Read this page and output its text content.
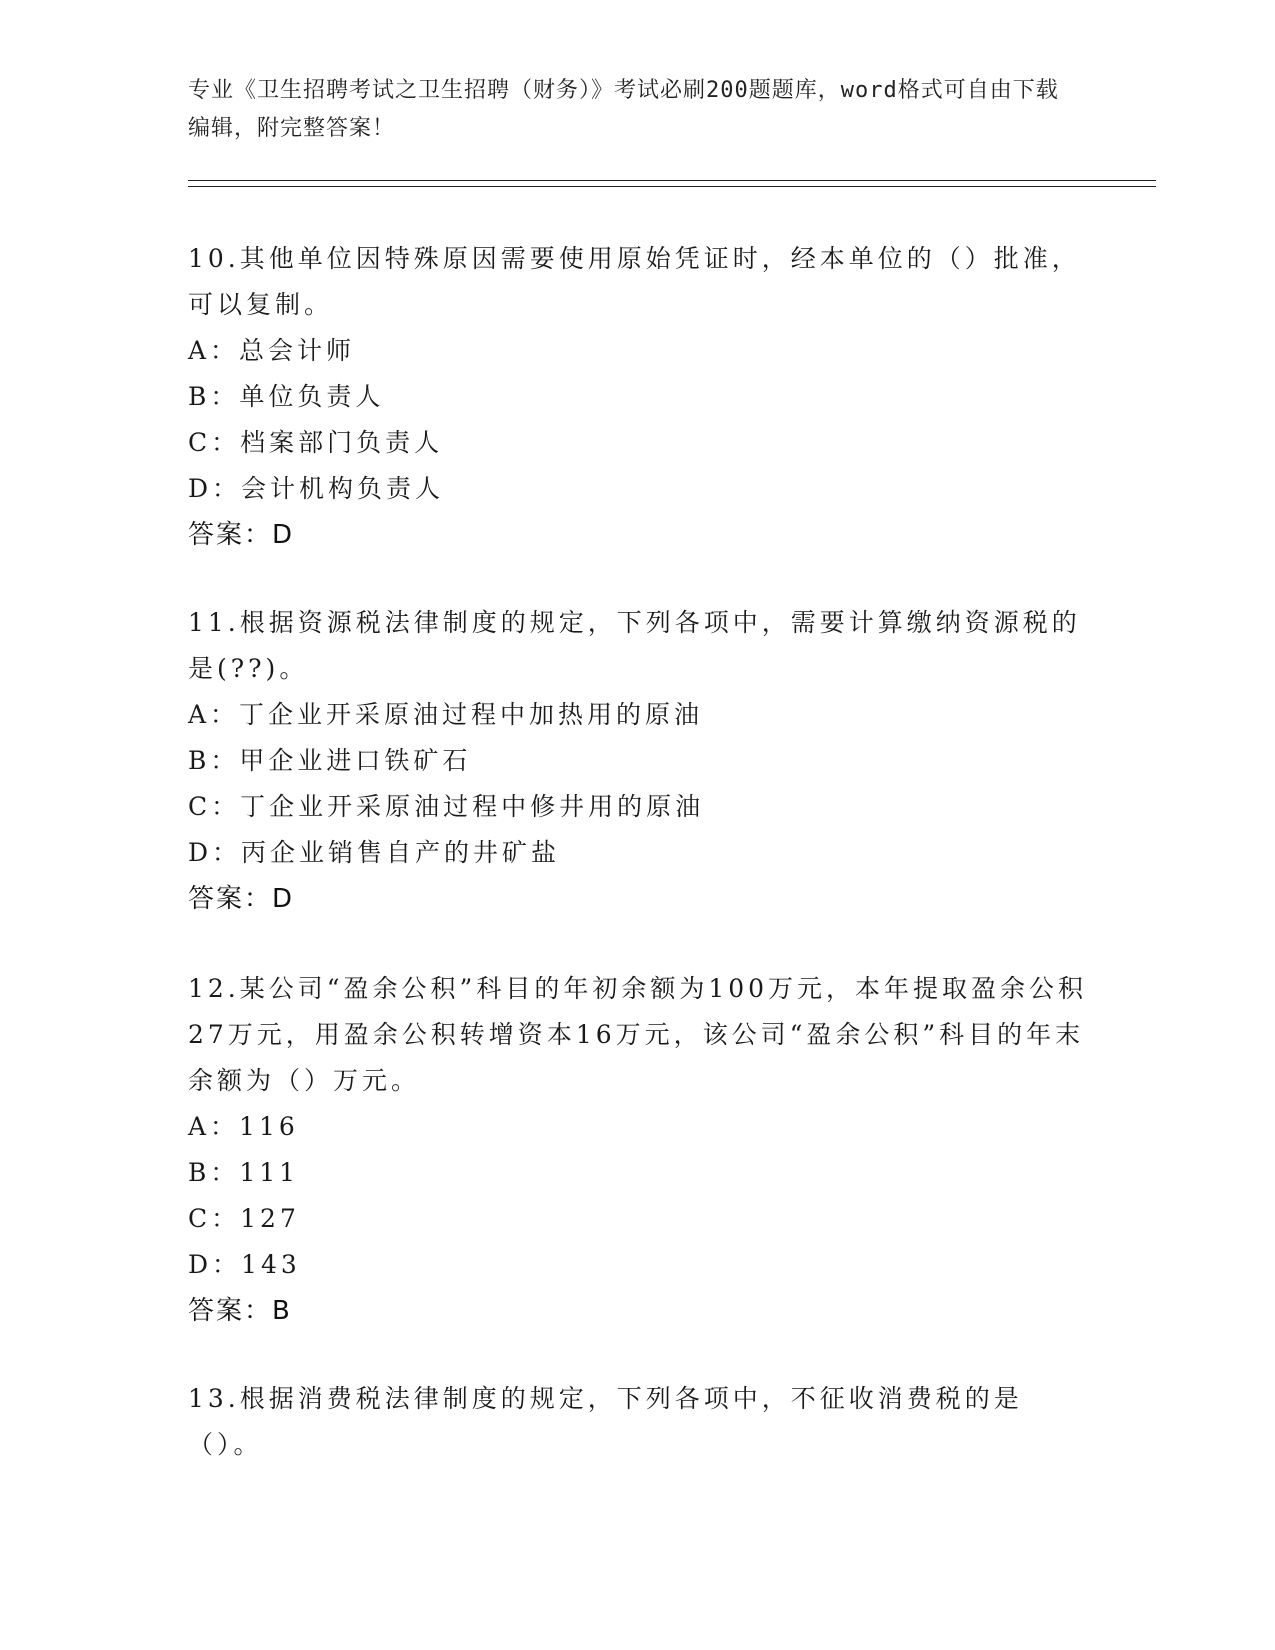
专业《卫生招聘考试之卫生招聘（财务）》考试必刷200题题库，word格式可自由下载编辑，附完整答案！

10.其他单位因特殊原因需要使用原始凭证时，经本单位的（）批准，可以复制。

A：总会计师

B：单位负责人

C：档案部门负责人

D：会计机构负责人

答案：D

11.根据资源税法律制度的规定，下列各项中，需要计算缴纳资源税的是(??)。

A：丁企业开采原油过程中加热用的原油

B：甲企业进口铁矿石

C：丁企业开采原油过程中修井用的原油

D：丙企业销售自产的井矿盐

答案：D

12.某公司“盈余公积”科目的年初余额为100万元，本年提取盈余公积27万元，用盈余公积转增资本16万元，该公司“盈余公积”科目的年末余额为（）万元。

A：116

B：111

C：127

D：143

答案：B

13.根据消费税法律制度的规定，下列各项中，不征收消费税的是（）。
